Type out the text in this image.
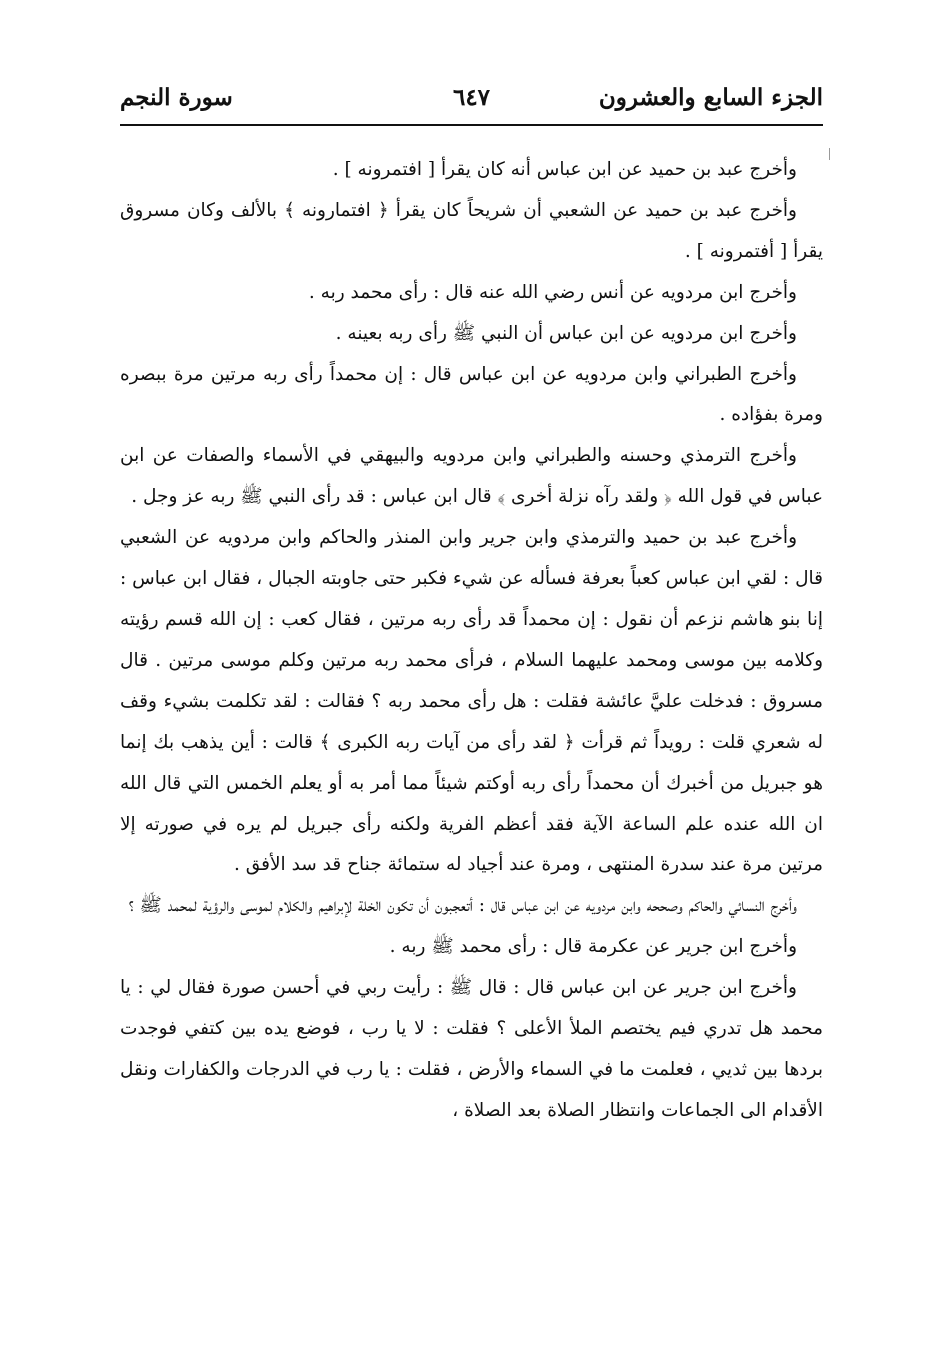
سورة النجم	٦٤٧	الجزء السابع والعشرون

وأخرج عبد بن حميد عن ابن عباس أنه كان يقرأ [ افتمرونه ] .

وأخرج عبد بن حميد عن الشعبي أن شريحاً كان يقرأ ﴿ افتمارونه ﴾ بالألف وكان مسروق يقرأ [ أفتمرونه ] .

وأخرج ابن مردويه عن أنس رضي الله عنه قال : رأى محمد ربه .

وأخرج ابن مردويه عن ابن عباس أن النبي ﷺ رأى ربه بعينه .

وأخرج الطبراني وابن مردويه عن ابن عباس قال : إن محمداً رأى ربه مرتين مرة ببصره ومرة بفؤاده .

وأخرج الترمذي وحسنه والطبراني وابن مردويه والبيهقي في الأسماء والصفات عن ابن عباس في قول الله ﴿ ولقد رآه نزلة أخرى ﴾ قال ابن عباس : قد رأى النبي ﷺ ربه عز وجل .

وأخرج عبد بن حميد والترمذي وابن جرير وابن المنذر والحاكم وابن مردويه عن الشعبي قال : لقي ابن عباس كعباً بعرفة فسأله عن شيء فكبر حتى جاوبته الجبال ، فقال ابن عباس : إنا بنو هاشم نزعم أن نقول : إن محمداً قد رأى ربه مرتين ، فقال كعب : إن الله قسم رؤيته وكلامه بين موسى ومحمد عليهما السلام ، فرأى محمد ربه مرتين وكلم موسى مرتين . قال مسروق : فدخلت عليَّ عائشة فقلت : هل رأى محمد ربه ؟ فقالت : لقد تكلمت بشيء وقف له شعري قلت : رويداً ثم قرأت ﴿ لقد رأى من آيات ربه الكبرى ﴾ قالت : أين يذهب بك إنما هو جبريل من أخبرك أن محمداً رأى ربه أوكتم شيئاً مما أمر به أو يعلم الخمس التي قال الله ان الله عنده علم الساعة الآية فقد أعظم الفرية ولكنه رأى جبريل لم يره في صورته إلا مرتين مرة عند سدرة المنتهى ، ومرة عند أجياد له ستمائة جناح قد سد الأفق .

وأخرج النسائي والحاكم وصححه وابن مردويه عن ابن عباس قال : أتعجبون أن تكون الخلة لإبراهيم والكلام لموسى والرؤية لمحمد ﷺ ؟

وأخرج ابن جرير عن عكرمة قال : رأى محمد ﷺ ربه .

وأخرج ابن جرير عن ابن عباس قال : قال ﷺ : رأيت ربي في أحسن صورة فقال لي : يا محمد هل تدري فيم يختصم الملأ الأعلى ؟ فقلت : لا يا رب ، فوضع يده بين كتفي فوجدت بردها بين ثديي ، فعلمت ما في السماء والأرض ، فقلت : يا رب في الدرجات والكفارات ونقل الأقدام الى الجماعات وانتظار الصلاة بعد الصلاة ،
